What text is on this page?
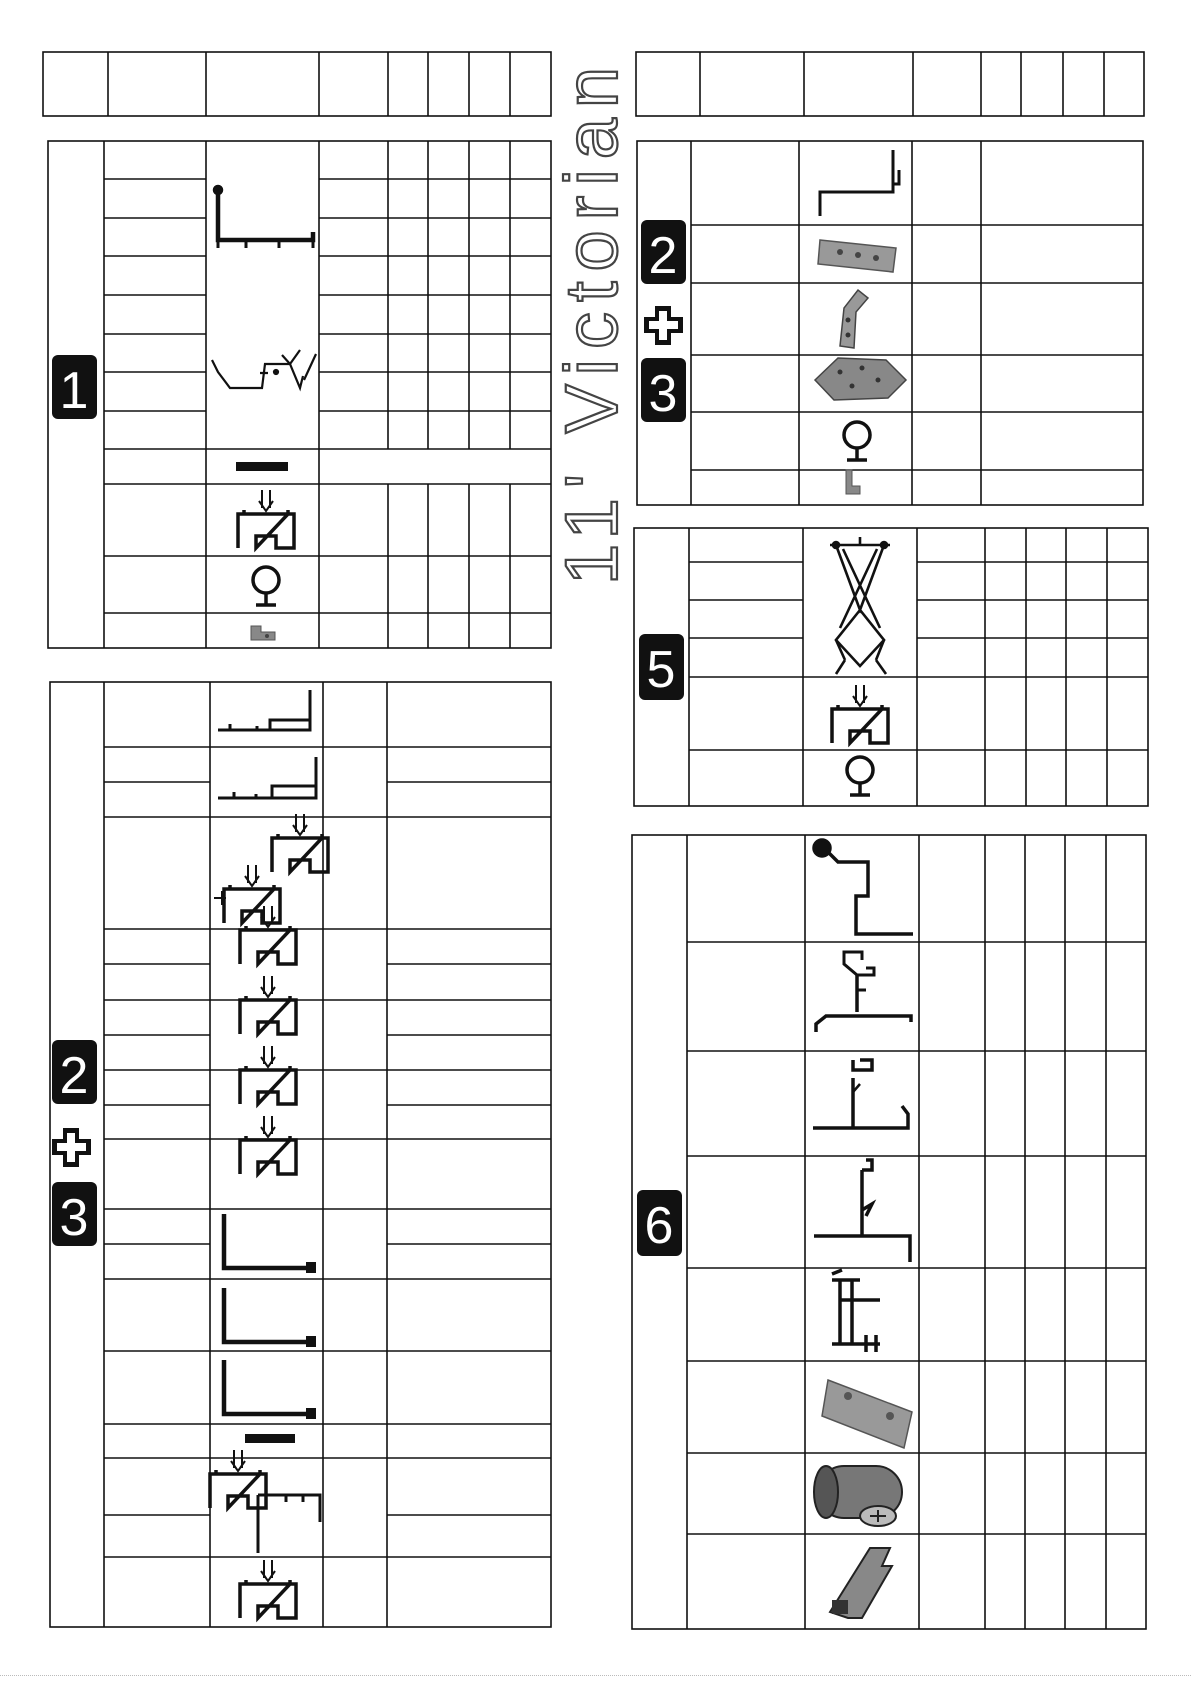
1
2
3
2
3
5
6
11' Victorian
